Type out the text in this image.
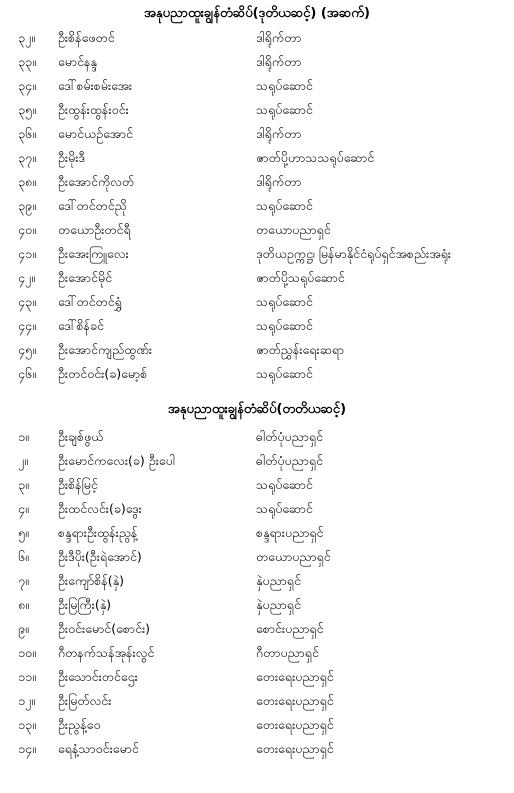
အနုပညာထူးချွန်တံဆိပ်(ဒုတိယဆင့်) (အဆက်)
၃၂။	ဦးစိန်ဖေတင်	ဒါရိုက်တာ
၃၃။	မောင်နန္ဒ	ဒါရိုက်တာ
၃၄။	ဒေါ်စမ်းစမ်းအေး	သရုပ်ဆောင်
၃၅။	ဦးထွန်းထွန်းဝင်း	သရုပ်ဆောင်
၃၆။	မောင်ယဉ်အောင်	ဒါရိုက်တာ
၃၇။	ဦးမိုးဒီ	ဇာတ်ပို့ဟာသသရုပ်ဆောင်
၃၈။	ဦးအောင်ကိုလတ်	ဒါရိုက်တာ
၃၉။	ဒေါ်တင်တင်ညို	သရုပ်ဆောင်
၄၀။	တယောဦးတင်ရီ	တယောပညာရှင်
၄၁။	ဦးအေးကြူလေး	ဒုတိယဥက္ကဋ္ဌ၊ မြန်မာနိုင်ငံရုပ်ရှင်အစည်းအရုံး
၄၂။	ဦးအောင်မိုင်	ဇာတ်ပို့သရုပ်ဆောင်
၄၃။	ဒေါ်တင်တင်ရွှံ	သရုပ်ဆောင်
၄၄။	ဒေါ်စိန်ခင်	သရုပ်ဆောင်
၄၅။	ဦးအောင်ကျည်ထွဏ်း	ဇာတ်ညွှန်းရေးဆရာ
၄၆။	ဦးတင်ဝင်း(ခ)မော့စ်	သရုပ်ဆောင်
အနုပညာထူးချွန်တံဆိပ်(တတိယဆင့်)
၁။	ဦးချစ်ဖွယ်	ဓါတ်ပုံပညာရှင်
၂။	ဦးမောင်ကလေး(ခ) ဦးပေါ	ဓါတ်ပုံပညာရှင်
၃။	ဦးစိန်မြင့်	သရုပ်ဆောင်
၄။	ဦးထင်လင်း(ခ)ဒွေး	သရုပ်ဆောင်
၅။	စန္ဒရားဦးထွန်းညွန့်	စန္ဒရားပညာရှင်
၆။	ဦးဒီပိုး(ဦးရဲအောင်)	တယောပညာရှင်
၇။	ဦးကျော်စိန်(နှဲ)	နှဲပညာရှင်
၈။	ဦးမြကြီး(နှဲ)	နှဲပညာရှင်
၉။	ဦးဝင်းမောင်(စောင်း)	စောင်းပညာရှင်
၁၀။	ဂီတနက်သန်အုန်းလွင်	ဂီတာပညာရှင်
၁၁။	ဦးသောင်းတင်ဌေး	တေးရေးပညာရှင်
၁၂။	ဦးမြတ်လင်း	တေးရေးပညာရှင်
၁၃။	ဦးညွန့်ဝေ	တေးရေးပညာရှင်
၁၄။	ရေနံ့သာဝင်းမောင်	တေးရေးပညာရှင်
